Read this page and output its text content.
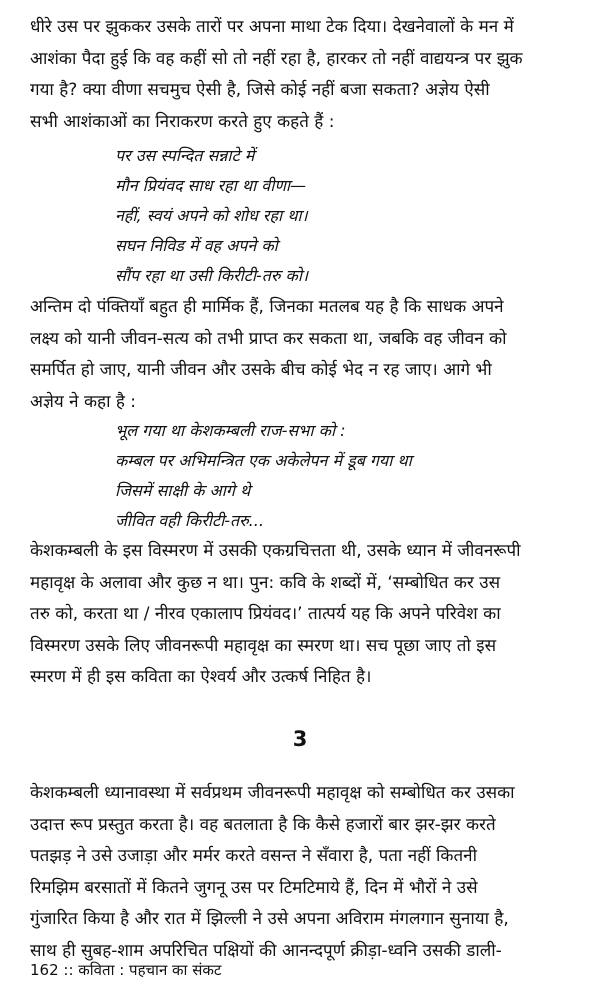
धीरे उस पर झुककर उसके तारों पर अपना माथा टेक दिया। देखनेवालों के मन में
आशंका पैदा हुई कि वह कहीं सो तो नहीं रहा है, हारकर तो नहीं वाद्ययन्त्र पर झुक
गया है? क्या वीणा सचमुच ऐसी है, जिसे कोई नहीं बजा सकता? अज्ञेय ऐसी
सभी आशंकाओं का निराकरण करते हुए कहते हैं :
पर उस स्पन्दित सन्नाटे में
मौन प्रियंवद साध रहा था वीणा—
नहीं, स्वयं अपने को शोध रहा था।
सघन निविड में वह अपने को
सौंप रहा था उसी किरीटी-तरु को।
अन्तिम दो पंक्तियाँ बहुत ही मार्मिक हैं, जिनका मतलब यह है कि साधक अपने
लक्ष्य को यानी जीवन-सत्य को तभी प्राप्त कर सकता था, जबकि वह जीवन को
समर्पित हो जाए, यानी जीवन और उसके बीच कोई भेद न रह जाए। आगे भी
अज्ञेय ने कहा है :
भूल गया था केशकम्बली राज-सभा को :
कम्बल पर अभिमन्त्रित एक अकेलेपन में डूब गया था
जिसमें साक्षी के आगे थे
जीवित वही किरीटी-तरु...
केशकम्बली के इस विस्मरण में उसकी एकग्रचित्तता थी, उसके ध्यान में जीवनरूपी
महावृक्ष के अलावा और कुछ न था। पुन: कवि के शब्दों में, ‘सम्बोधित कर उस
तरु को, करता था / नीरव एकालाप प्रियंवद।’ तात्पर्य यह कि अपने परिवेश का
विस्मरण उसके लिए जीवनरूपी महावृक्ष का स्मरण था। सच पूछा जाए तो इस
स्मरण में ही इस कविता का ऐश्वर्य और उत्कर्ष निहित है।
3
केशकम्बली ध्यानावस्था में सर्वप्रथम जीवनरूपी महावृक्ष को सम्बोधित कर उसका
उदात्त रूप प्रस्तुत करता है। वह बतलाता है कि कैसे हजारों बार झर-झर करते
पतझड़ ने उसे उजाड़ा और मर्मर करते वसन्त ने सँवारा है, पता नहीं कितनी
रिमझिम बरसातों में कितने जुगनू उस पर टिमटिमाये हैं, दिन में भौरों ने उसे
गुंजारित किया है और रात में झिल्ली ने उसे अपना अविराम मंगलगान सुनाया है,
साथ ही सुबह-शाम अपरिचित पक्षियों की आनन्दपूर्ण क्रीड़ा-ध्वनि उसकी डाली-
162 :: कविता : पहचान का संकट
